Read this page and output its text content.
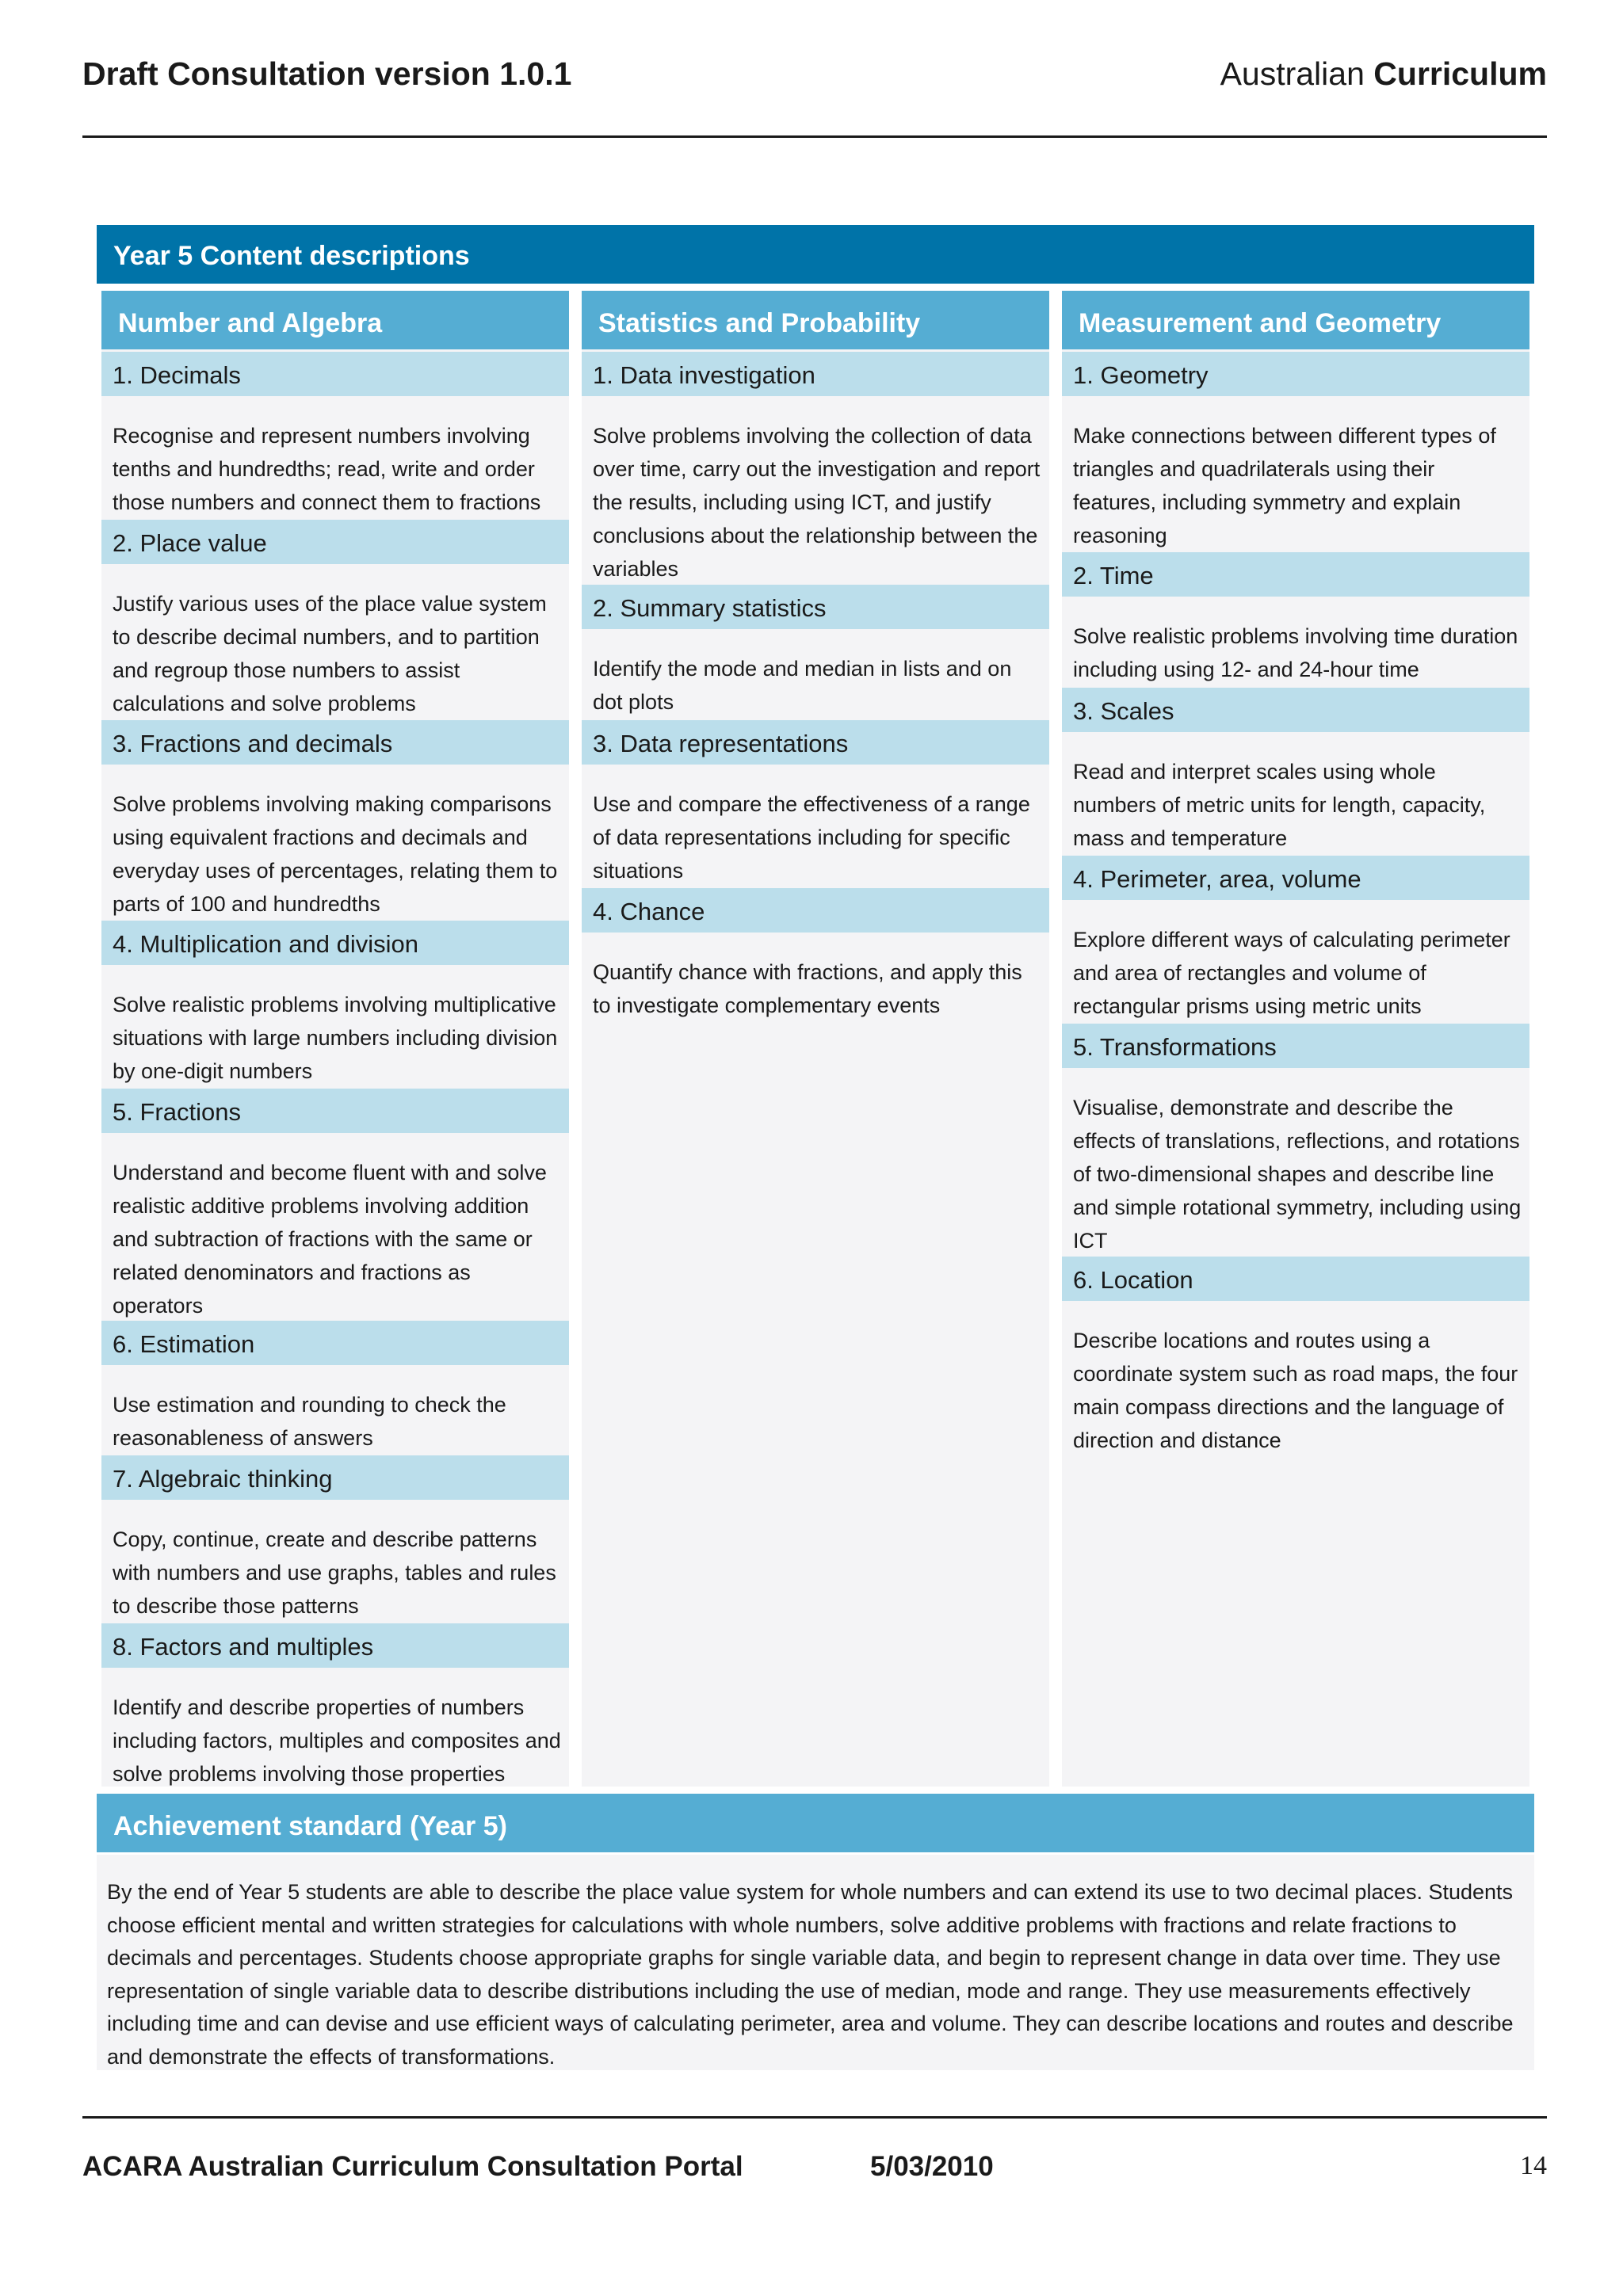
Draft Consultation version 1.0.1	Australian Curriculum
Year 5 Content descriptions
Number and Algebra
1. Decimals
Recognise and represent numbers involving tenths and hundredths; read, write and order those numbers and connect them to fractions
2. Place value
Justify various uses of the place value system to describe decimal numbers, and to partition and regroup those numbers to assist calculations and solve problems
3. Fractions and decimals
Solve problems involving making comparisons using equivalent fractions and decimals and everyday uses of percentages, relating them to parts of 100 and hundredths
4. Multiplication and division
Solve realistic problems involving multiplicative situations with large numbers including division by one-digit numbers
5. Fractions
Understand and become fluent with and solve realistic additive problems involving addition and subtraction of fractions with the same or related denominators and fractions as operators
6. Estimation
Use estimation and rounding to check the reasonableness of answers
7. Algebraic thinking
Copy, continue, create and describe patterns with numbers and use graphs, tables and rules to describe those patterns
8. Factors and multiples
Identify and describe properties of numbers including factors, multiples and composites and solve problems involving those properties
Statistics and Probability
1. Data investigation
Solve problems involving the collection of data over time, carry out the investigation and report the results, including using ICT, and justify conclusions about the relationship between the variables
2. Summary statistics
Identify the mode and median in lists and on dot plots
3. Data representations
Use and compare the effectiveness of a range of data representations including for specific situations
4. Chance
Quantify chance with fractions, and apply this to investigate complementary events
Measurement and Geometry
1. Geometry
Make connections between different types of triangles and quadrilaterals using their features, including symmetry and explain reasoning
2. Time
Solve realistic problems involving time duration including using 12- and 24-hour time
3. Scales
Read and interpret scales using whole numbers of metric units for length, capacity, mass and temperature
4. Perimeter, area, volume
Explore different ways of calculating perimeter and area of rectangles and volume of rectangular prisms using metric units
5. Transformations
Visualise, demonstrate and describe the effects of translations, reflections, and rotations of two-dimensional shapes and describe line and simple rotational symmetry, including using ICT
6. Location
Describe locations and routes using a coordinate system such as road maps, the four main compass directions and the language of direction and distance
Achievement standard (Year 5)
By the end of Year 5 students are able to describe the place value system for whole numbers and can extend its use to two decimal places. Students choose efficient mental and written strategies for calculations with whole numbers, solve additive problems with fractions and relate fractions to decimals and percentages. Students choose appropriate graphs for single variable data, and begin to represent change in data over time. They use representation of single variable data to describe distributions including the use of median, mode and range. They use measurements effectively including time and can devise and use efficient ways of calculating perimeter, area and volume. They can describe locations and routes and describe and demonstrate the effects of transformations.
ACARA Australian Curriculum Consultation Portal	5/03/2010	14
